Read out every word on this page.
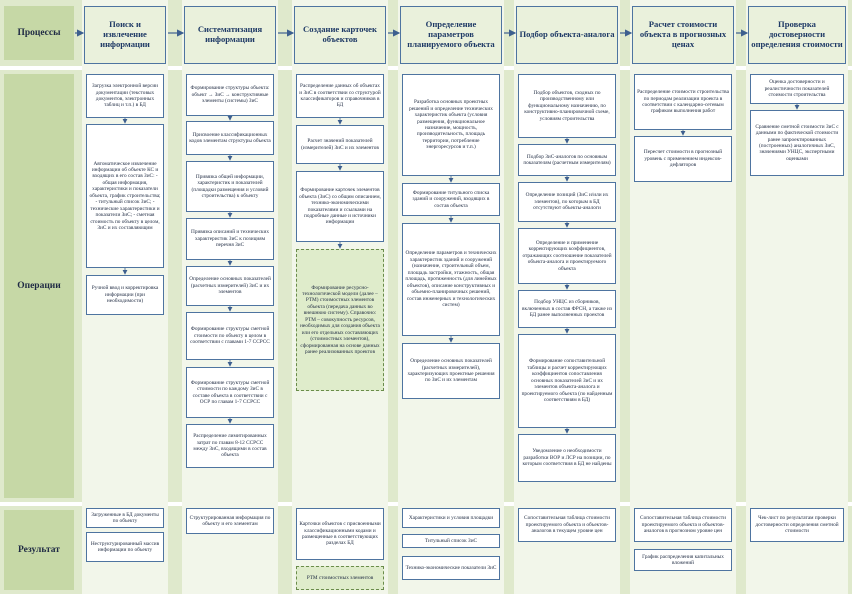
Процессы
Операции
Результат
Поиск и извлечение информации
Систематизация информации
Создание карточек объектов
Определение параметров планируемого объекта
Подбор объекта-аналога
Расчет стоимости объекта в прогнозных ценах
Проверка достоверности определения стоимости
Загрузка электронной версии документации (текстовых документов, электронных таблиц и т.п.) в БД
Автоматическое извлечение информации об объекте КС и входящих в его состав ЗиС: - общая информация, характеристики и показатели объекта, график строительства; - титульный список ЗиС; - технические характеристики и показатели ЗиС; - сметная стоимость по объекту в целом, ЗиС и их составляющим
Ручной ввод и корректировка информации (при необходимости)
Формирование структуры объекта: объект → ЗиС → конструктивные элементы (системы) ЗиС
Присвоение классификационных кодов элементам структуры объекта
Привязка общей информации, характеристик и показателей (площадки размещения и условий строительства) к объекту
Привязка описаний и технических характеристик ЗиС к позициям перечня ЗиС
Определение основных показателей (расчетных измерителей) ЗиС и их элементов
Формирование структуры сметной стоимости по объекту в целом в соответствии с главами 1-7 ССРСС
Формирование структуры сметной стоимости по каждому ЗиС в составе объекта в соответствии с ОСР по главам 1-7 ССРСС
Распределение лимитированных затрат по главам 8-12 ССРСС между ЗиС, входящими в состав объекта
Распределение данных об объектах и ЗиС в соответствии со структурой классификаторов и справочников в БД
Расчет значений показателей (измерителей) ЗиС и их элементов
Формирование карточек элементов объекта (ЗиС) со общим описанием, технико-экономическими показателями и ссылками на подробные данные и источники информации
Формирование ресурсно-технологической модели (далее – РТМ) стоимостных элементов объекта (передача данных во внешнюю систему). Справочно: РТМ – совокупность ресурсов, необходимых для создания объекта или его отдельных составляющих (стоимостных элементов), сформированная на основе данных ранее реализованных проектов
Разработка основных проектных решений и определение технических характеристик объекта (условия размещения, функциональное назначение, мощность, производительность, площадь территории, потребление энергоресурсов и т.п.)
Формирование титульного списка зданий и сооружений, входящих в состав объекта
Определение параметров и технических характеристик зданий и сооружений (назначение, строительный объем, площадь застройки, этажность, общая площадь, протяженность (для линейных объектов), описание конструктивных и объемно-планировочных решений, состав инженерных и технологических систем)
Определение основных показателей (расчетных измерителей), характеризующих проектные решения по ЗиС и их элементам
Подбор объектов, сходных по производственному или функциональному назначению, по конструктивно-планировочной схеме, условиям строительства
Подбор ЗиС-аналогов по основным показателям (расчетным измерителям)
Определение позиций (ЗиС и/или их элементов), по которым в БД отсутствуют объекты-аналоги
Определение и применение корректирующих коэффициентов, отражающих соотношение показателей объекта-аналога и проектируемого объекта
Подбор УНЦС из сборников, включенных в состав ФРСН, а также из БД ранее выполненных проектов
Формирование сопоставительной таблицы и расчет корректирующих коэффициентов сопоставления основных показателей ЗиС и их элементов объекта-аналога и проектируемого объекта (по найденным соответствиям в БД)
Уведомление о необходимости разработки ВОР и ЛСР на позиции, по которым соответствия в БД не найдены
Распределение стоимости строительства по периодам реализации проекта в соответствии с календарно-сетевым графиком выполнения работ
Пересчет стоимости в прогнозный уровень с применением индексов-дефляторов
Оценка достоверности и реалистичности показателей стоимости строительства
Сравнение сметной стоимости ЗиС с данными по фактической стоимости ранее запроектированных (построенных) аналогичных ЗиС, значениями УНЦС, экспертными оценками
Загруженные в БД документы по объекту
Неструктурированный массив информации по объекту
Структурированная информация по объекту и его элементам	Карточки объектов с присвоенными классификационными кодами и размещенные в соответствующих разделах БД
РТМ стоимостных элементов
Характеристики и условия площадки
Титульный список ЗиС
Технико-экономические показатели ЗиС
Сопоставительная таблица стоимости проектируемого объекта и объектов-аналогов в текущем уровне цен
Сопоставительная таблица стоимости проектируемого объекта и объектов-аналогов в прогнозном уровне цен
График распределения капитальных вложений
Чек-лист по результатам проверки достоверности определения сметной стоимости
